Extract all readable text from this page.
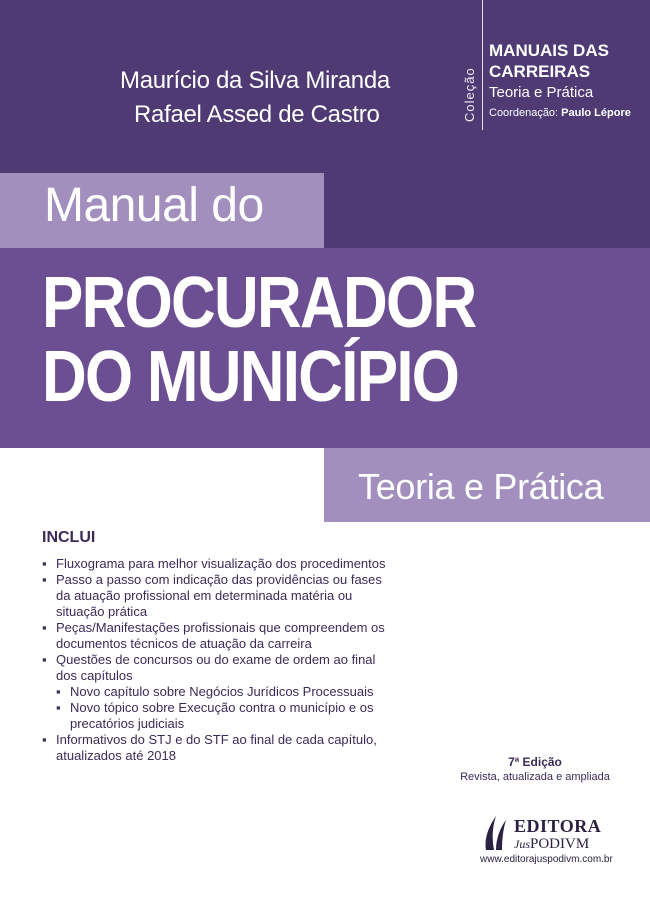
Maurício da Silva Miranda
Rafael Assed de Castro	Coleção
MANUAIS DAS CARREIRAS
Teoria e Prática
Coordenação: Paulo Lépore
Manual do
PROCURADOR
DO MUNICÍPIO
Teoria e Prática
INCLUI
▪ Fluxograma para melhor visualização dos procedimentos
▪ Passo a passo com indicação das providências ou fases da atuação profissional em determinada matéria ou situação prática
▪ Peças/Manifestações profissionais que compreendem os documentos técnicos de atuação da carreira
▪ Questões de concursos ou do exame de ordem ao final dos capítulos
▪ Novo capítulo sobre Negócios Jurídicos Processuais
▪ Novo tópico sobre Execução contra o município e os precatórios judiciais
▪ Informativos do STJ e do STF ao final de cada capítulo, atualizados até 2018	7ª Edição
Revista, atualizada e ampliada
EDITORA
JusPODIVM
www.editorajuspodivm.com.br
